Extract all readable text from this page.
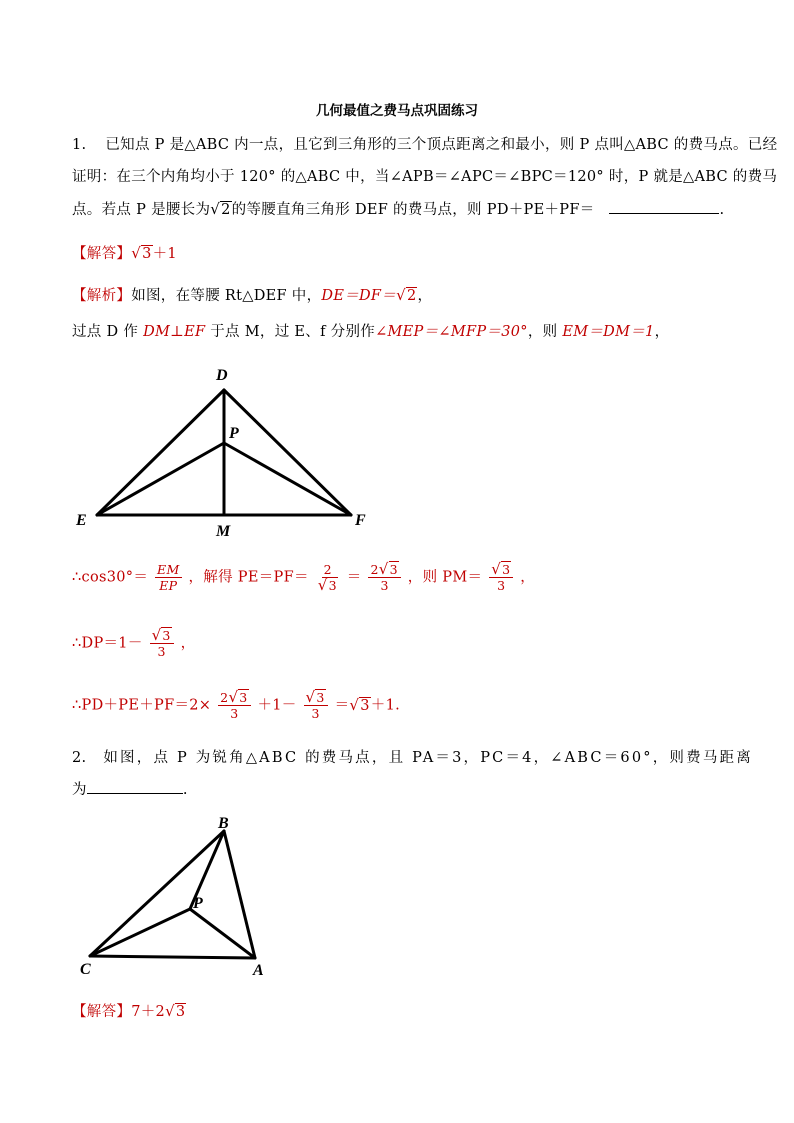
几何最值之费马点巩固练习
1. 已知点 P 是△ABC 内一点，且它到三角形的三个顶点距离之和最小，则 P 点叫△ABC 的费马点。已经
证明：在三个内角均小于 120° 的△ABC 中，当∠APB＝∠APC＝∠BPC＝120° 时，P 就是△ABC 的费马
点。若点 P 是腰长为√2的等腰直角三角形 DEF 的费马点，则 PD＋PE＋PF＝	.
【解答】√3＋1
【解析】如图，在等腰 Rt△DEF 中，DE＝DF＝√2，
过点 D 作 DM⊥EF 于点 M，过 E、f 分别作∠MEP＝∠MFP＝30°，则 EM＝DM＝1，
D
P
E
M
F
∴cos30°＝ $\frac{EM}{EP}$ ，解得 $PE=PF= \frac{2}{√3} = \frac{2√3}{3}$ ，则 $PM= \frac{√3}{3}$ ，
∴DP＝1－ $\frac{√3}{3}$ ，
∴PD＋PE＋PF＝2× $\frac{2√3}{3} +1- \frac{√3}{3} =√3+1$.
2. 如图，点 P 为锐角△ABC 的费马点，且 PA＝3，PC＝4，∠ABC＝60°，则费马距离
为	.
B
P
C	A
【解答】7＋2√3
